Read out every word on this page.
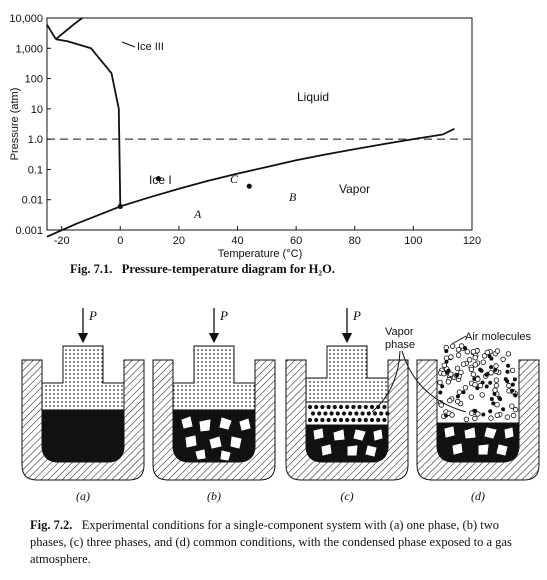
-20	0	20	40	60	80	100	120
0.001
0.01
0.1
1.0
10
100
1,000
10,000
Pressure (atm)
Temperature (°C)
Ice III
Liquid
Ice I
Vapor
A
B
C
Fig. 7.1. Pressure-temperature diagram for H₂O.
P
(a)
P
(b)
P
(c)
Vapor
phase
Air molecules
(d)
Fig. 7.2. Experimental conditions for a single-component system with (a) one phase, (b) two phases, (c) three phases, and (d) common conditions, with the condensed phase exposed to a gas atmosphere.
